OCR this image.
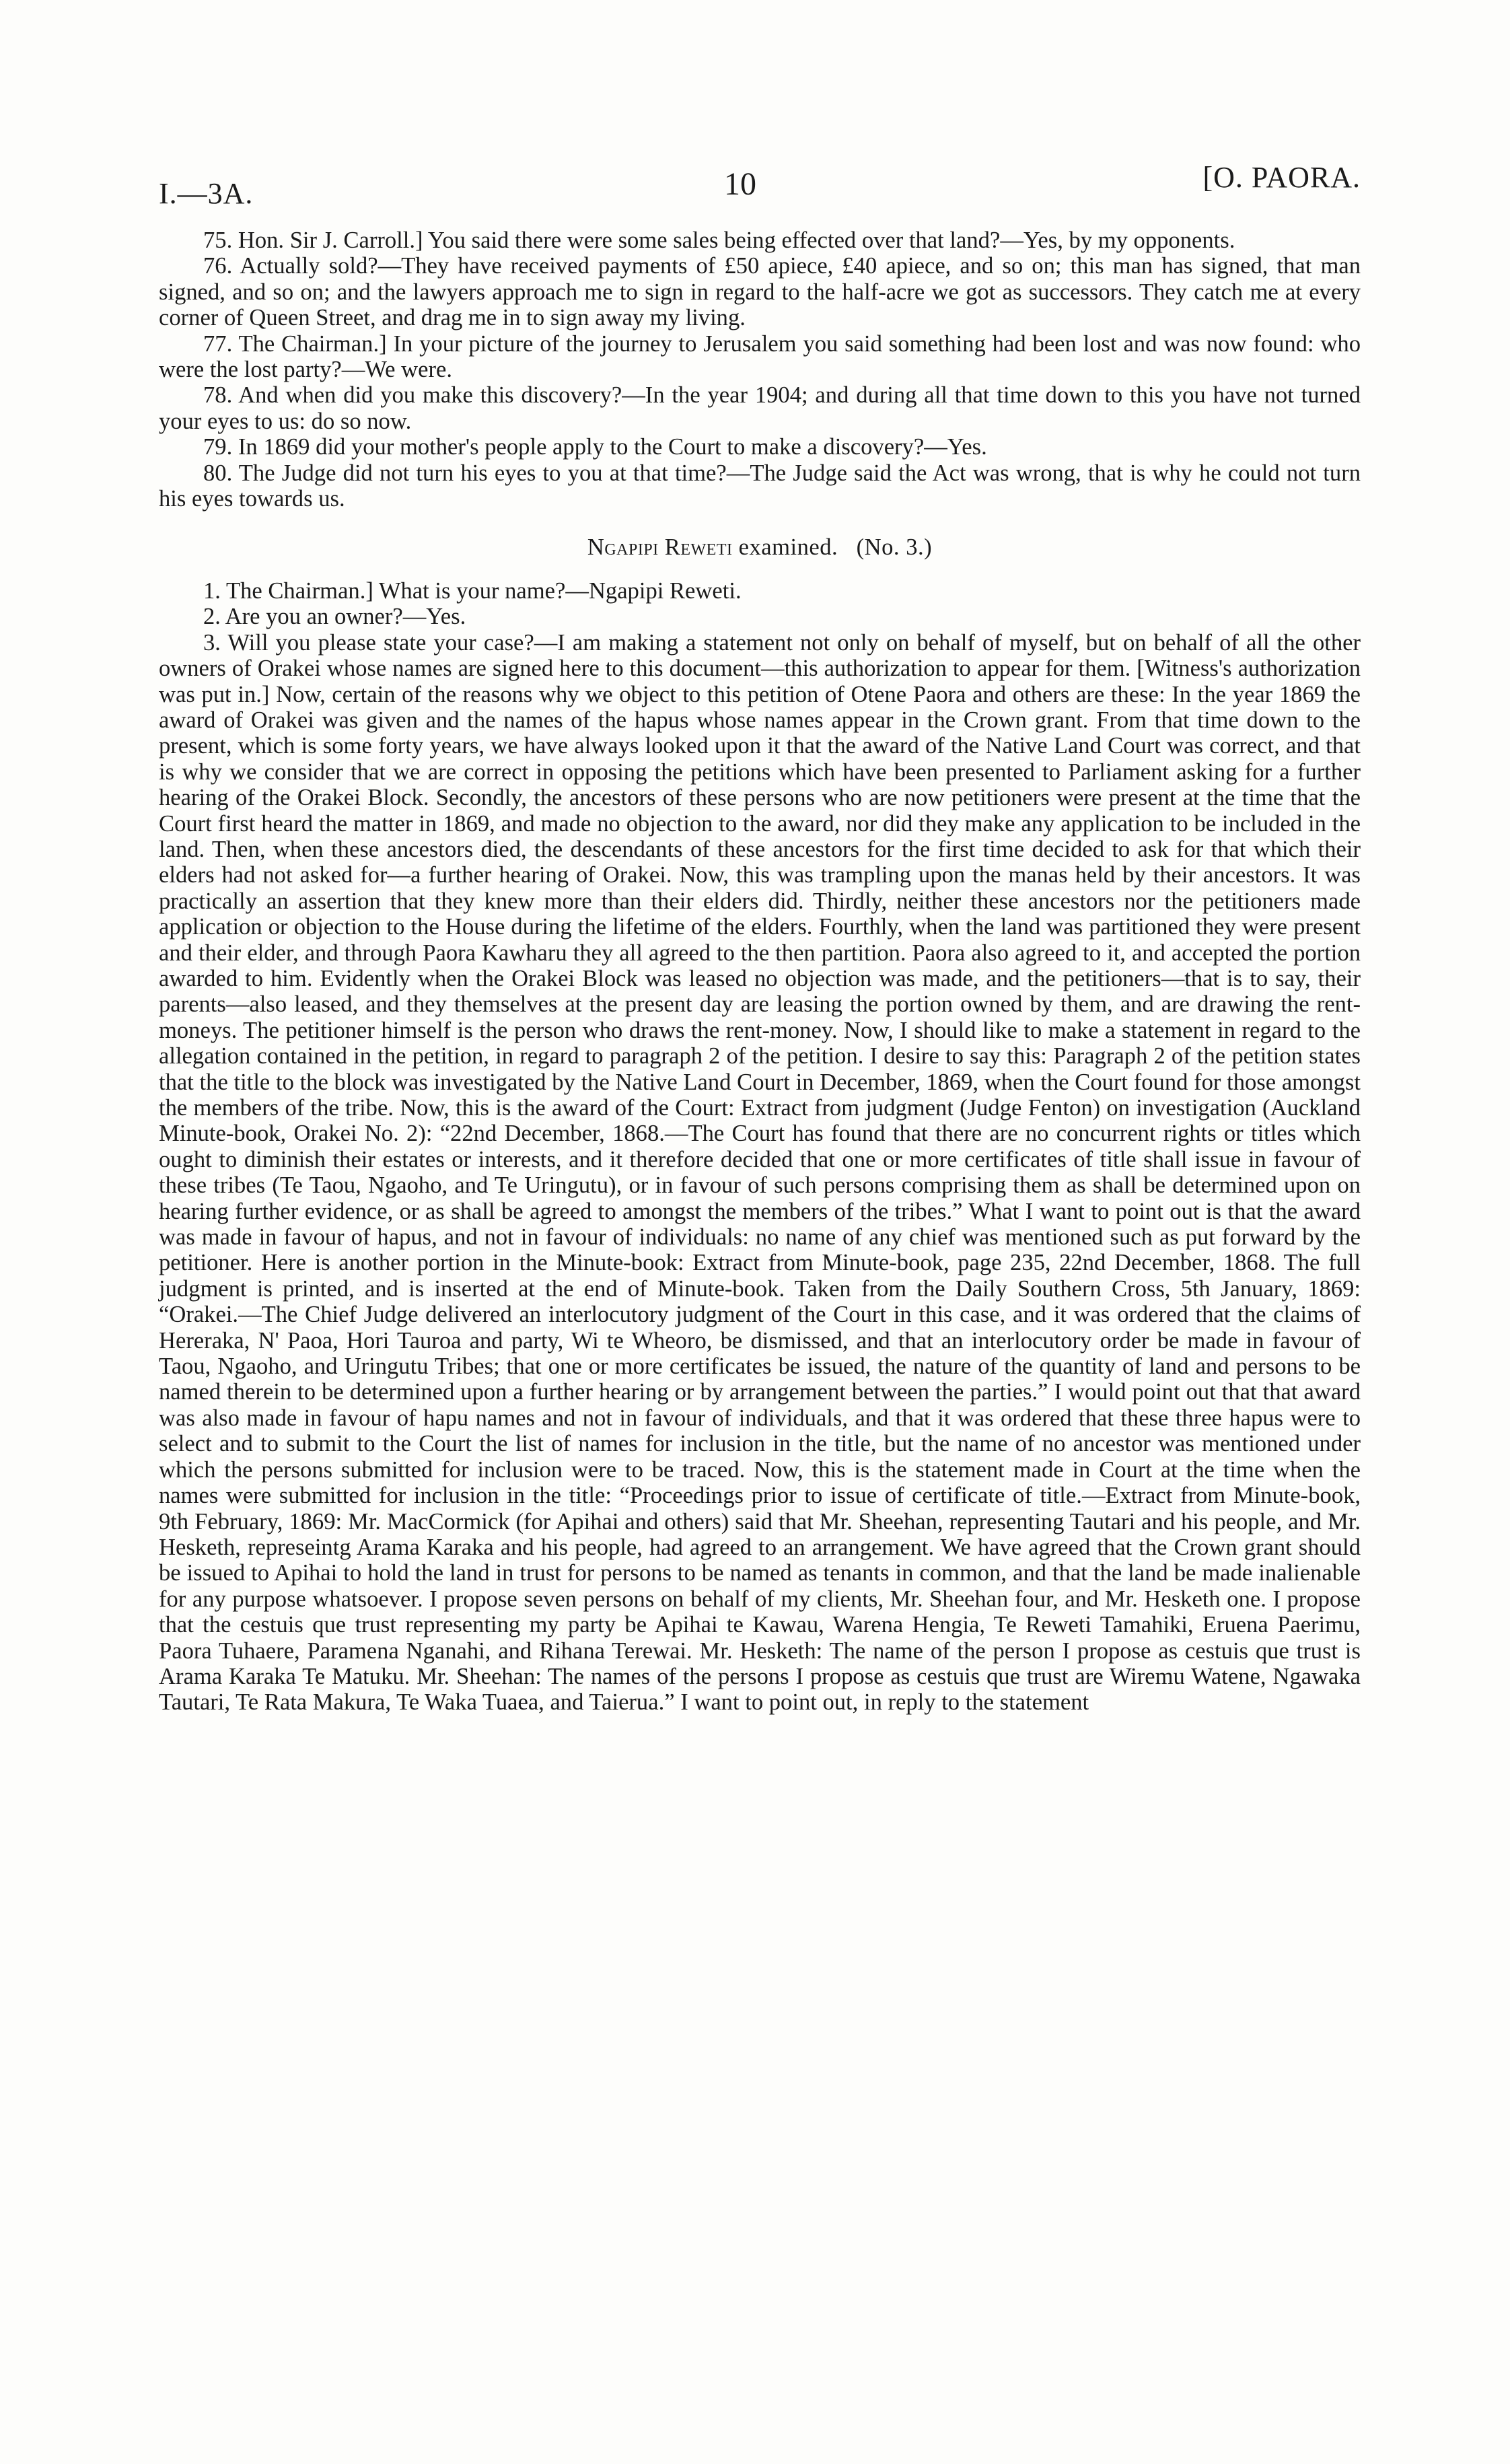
I.—3A.	10	[O. PAORA.

75. Hon. Sir J. Carroll.] You said there were some sales being effected over that land?—Yes, by my opponents.

76. Actually sold?—They have received payments of £50 apiece, £40 apiece, and so on; this man has signed, that man signed, and so on; and the lawyers approach me to sign in regard to the half-acre we got as successors. They catch me at every corner of Queen Street, and drag me in to sign away my living.

77. The Chairman.] In your picture of the journey to Jerusalem you said something had been lost and was now found: who were the lost party?—We were.

78. And when did you make this discovery?—In the year 1904; and during all that time down to this you have not turned your eyes to us: do so now.

79. In 1869 did your mother's people apply to the Court to make a discovery?—Yes.

80. The Judge did not turn his eyes to you at that time?—The Judge said the Act was wrong, that is why he could not turn his eyes towards us.

Ngapipi Reweti examined. (No. 3.)

1. The Chairman.] What is your name?—Ngapipi Reweti.

2. Are you an owner?—Yes.

3. Will you please state your case?—I am making a statement not only on behalf of myself, but on behalf of all the other owners of Orakei whose names are signed here to this document—this authorization to appear for them. [Witness's authorization was put in.] Now, certain of the reasons why we object to this petition of Otene Paora and others are these: In the year 1869 the award of Orakei was given and the names of the hapus whose names appear in the Crown grant. From that time down to the present, which is some forty years, we have always looked upon it that the award of the Native Land Court was correct, and that is why we consider that we are correct in opposing the petitions which have been presented to Parliament asking for a further hearing of the Orakei Block. Secondly, the ancestors of these persons who are now petitioners were present at the time that the Court first heard the matter in 1869, and made no objection to the award, nor did they make any application to be included in the land. Then, when these ancestors died, the descendants of these ancestors for the first time decided to ask for that which their elders had not asked for—a further hearing of Orakei. Now, this was trampling upon the manas held by their ancestors. It was practically an assertion that they knew more than their elders did. Thirdly, neither these ancestors nor the petitioners made application or objection to the House during the lifetime of the elders. Fourthly, when the land was partitioned they were present and their elder, and through Paora Kawharu they all agreed to the then partition. Paora also agreed to it, and accepted the portion awarded to him. Evidently when the Orakei Block was leased no objection was made, and the petitioners—that is to say, their parents—also leased, and they themselves at the present day are leasing the portion owned by them, and are drawing the rent-moneys. The petitioner himself is the person who draws the rent-money. Now, I should like to make a statement in regard to the allegation contained in the petition, in regard to paragraph 2 of the petition. I desire to say this: Paragraph 2 of the petition states that the title to the block was investigated by the Native Land Court in December, 1869, when the Court found for those amongst the members of the tribe. Now, this is the award of the Court: Extract from judgment (Judge Fenton) on investigation (Auckland Minute-book, Orakei No. 2): “22nd December, 1868.—The Court has found that there are no concurrent rights or titles which ought to diminish their estates or interests, and it therefore decided that one or more certificates of title shall issue in favour of these tribes (Te Taou, Ngaoho, and Te Uringutu), or in favour of such persons comprising them as shall be determined upon on hearing further evidence, or as shall be agreed to amongst the members of the tribes.” What I want to point out is that the award was made in favour of hapus, and not in favour of individuals: no name of any chief was mentioned such as put forward by the petitioner. Here is another portion in the Minute-book: Extract from Minute-book, page 235, 22nd December, 1868. The full judgment is printed, and is inserted at the end of Minute-book. Taken from the Daily Southern Cross, 5th January, 1869: “Orakei.—The Chief Judge delivered an interlocutory judgment of the Court in this case, and it was ordered that the claims of Hereraka, N' Paoa, Hori Tauroa and party, Wi te Wheoro, be dismissed, and that an interlocutory order be made in favour of Taou, Ngaoho, and Uringutu Tribes; that one or more certificates be issued, the nature of the quantity of land and persons to be named therein to be determined upon a further hearing or by arrangement between the parties.” I would point out that that award was also made in favour of hapu names and not in favour of individuals, and that it was ordered that these three hapus were to select and to submit to the Court the list of names for inclusion in the title, but the name of no ancestor was mentioned under which the persons submitted for inclusion were to be traced. Now, this is the statement made in Court at the time when the names were submitted for inclusion in the title: “Proceedings prior to issue of certificate of title.—Extract from Minute-book, 9th February, 1869: Mr. MacCormick (for Apihai and others) said that Mr. Sheehan, representing Tautari and his people, and Mr. Hesketh, represeintg Arama Karaka and his people, had agreed to an arrangement. We have agreed that the Crown grant should be issued to Apihai to hold the land in trust for persons to be named as tenants in common, and that the land be made inalienable for any purpose whatsoever. I propose seven persons on behalf of my clients, Mr. Sheehan four, and Mr. Hesketh one. I propose that the cestuis que trust representing my party be Apihai te Kawau, Warena Hengia, Te Reweti Tamahiki, Eruena Paerimu, Paora Tuhaere, Paramena Nganahi, and Rihana Terewai. Mr. Hesketh: The name of the person I propose as cestuis que trust is Arama Karaka Te Matuku. Mr. Sheehan: The names of the persons I propose as cestuis que trust are Wiremu Watene, Ngawaka Tautari, Te Rata Makura, Te Waka Tuaea, and Taierua.” I want to point out, in reply to the statement
